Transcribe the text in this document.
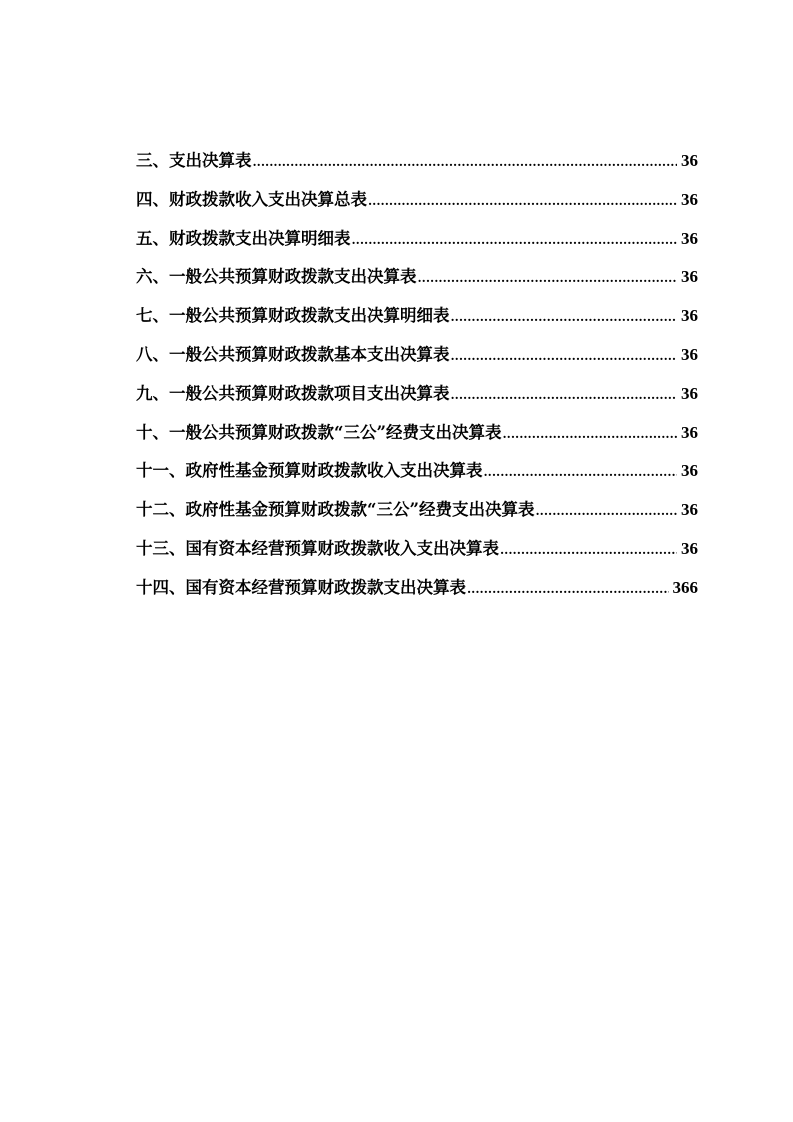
三、支出决算表 .....	36
四、财政拨款收入支出决算总表 .....	36
五、财政拨款支出决算明细表 .....	36
六、一般公共预算财政拨款支出决算表 .....	36
七、一般公共预算财政拨款支出决算明细表 .....	36
八、一般公共预算财政拨款基本支出决算表 .....	36
九、一般公共预算财政拨款项目支出决算表 .....	36
十、一般公共预算财政拨款“三公”经费支出决算表 .....	36
十一、政府性基金预算财政拨款收入支出决算表 .....	36
十二、政府性基金预算财政拨款“三公”经费支出决算表 .....	36
十三、国有资本经营预算财政拨款收入支出决算表 .....	36
十四、国有资本经营预算财政拨款支出决算表 .....	366
